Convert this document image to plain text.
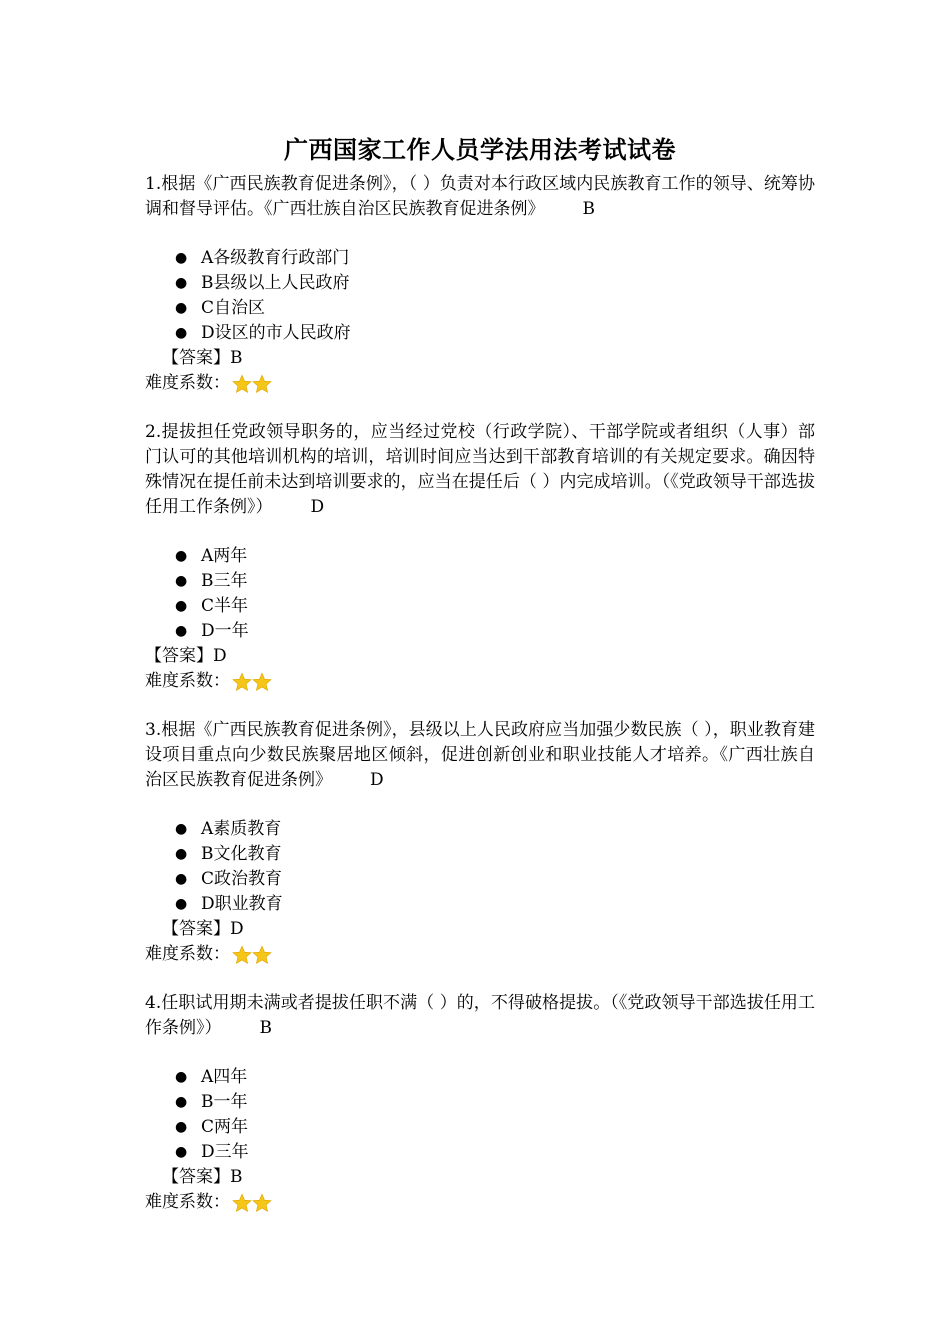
广西国家工作人员学法用法考试试卷

1.根据《广西民族教育促进条例》，（ ）负责对本行政区域内民族教育工作的领导、统筹协调和督导评估。《广西壮族自治区民族教育促进条例》 B

● A各级教育行政部门
● B县级以上人民政府
● C自治区
● D设区的市人民政府

【答案】B

难度系数：

2.提拔担任党政领导职务的，应当经过党校（行政学院）、干部学院或者组织（人事）部门认可的其他培训机构的培训，培训时间应当达到干部教育培训的有关规定要求。确因特殊情况在提任前未达到培训要求的，应当在提任后（ ）内完成培训。（《党政领导干部选拔任用工作条例》） D

● A两年
● B三年
● C半年
● D一年

【答案】D

难度系数：

3.根据《广西民族教育促进条例》，县级以上人民政府应当加强少数民族（ ），职业教育建设项目重点向少数民族聚居地区倾斜，促进创新创业和职业技能人才培养。《广西壮族自治区民族教育促进条例》 D

● A素质教育
● B文化教育
● C政治教育
● D职业教育

【答案】D

难度系数：

4.任职试用期未满或者提拔任职不满（ ）的，不得破格提拔。（《党政领导干部选拔任用工作条例》） B

● A四年
● B一年
● C两年
● D三年

【答案】B

难度系数：
